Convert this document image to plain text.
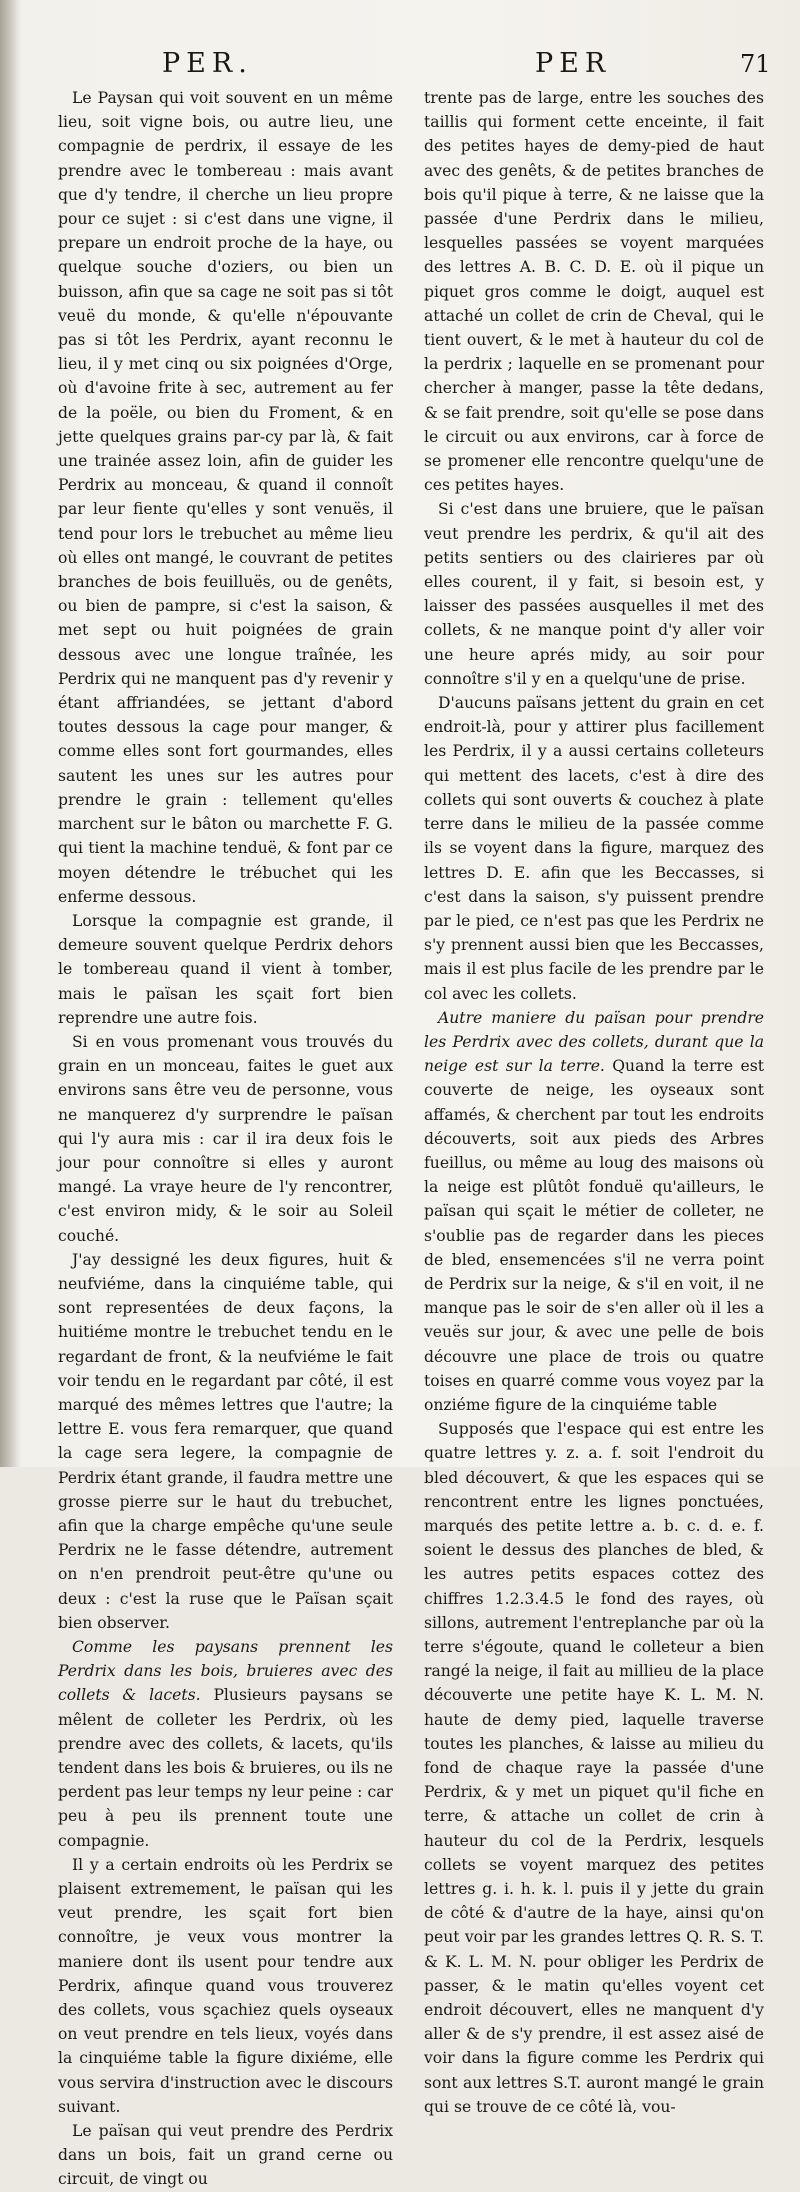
PER.	PER	71

Le Paysan qui voit souvent en un même lieu, soit vigne bois, ou autre lieu, une compagnie de perdrix, il essaye de les prendre avec le tombereau : mais avant que d'y tendre, il cherche un lieu propre pour ce sujet : si c'est dans une vigne, il prepare un endroit proche de la haye, ou quelque souche d'oziers, ou bien un buisson, afin que sa cage ne soit pas si tôt veuë du monde, & qu'elle n'épouvante pas si tôt les Perdrix, ayant reconnu le lieu, il y met cinq ou six poignées d'Orge, où d'avoine frite à sec, autrement au fer de la poële, ou bien du Froment, & en jette quelques grains par-cy par là, & fait une trainée assez loin, afin de guider les Perdrix au monceau, & quand il connoît par leur fiente qu'elles y sont venuës, il tend pour lors le trebuchet au même lieu où elles ont mangé, le couvrant de petites branches de bois feuilluës, ou de genêts, ou bien de pampre, si c'est la saison, & met sept ou huit poignées de grain dessous avec une longue traînée, les Perdrix qui ne manquent pas d'y revenir y étant affriandées, se jettant d'abord toutes dessous la cage pour manger, & comme elles sont fort gourmandes, elles sautent les unes sur les autres pour prendre le grain : tellement qu'elles marchent sur le bâton ou marchette F. G. qui tient la machine tenduë, & font par ce moyen détendre le trébuchet qui les enferme dessous.

Lorsque la compagnie est grande, il demeure souvent quelque Perdrix dehors le tombereau quand il vient à tomber, mais le païsan les sçait fort bien reprendre une autre fois.

Si en vous promenant vous trouvés du grain en un monceau, faites le guet aux environs sans être veu de personne, vous ne manquerez d'y surprendre le païsan qui l'y aura mis : car il ira deux fois le jour pour connoître si elles y auront mangé. La vraye heure de l'y rencontrer, c'est environ midy, & le soir au Soleil couché.

J'ay dessigné les deux figures, huit & neufviéme, dans la cinquiéme table, qui sont representées de deux façons, la huitiéme montre le trebuchet tendu en le regardant de front, & la neufviéme le fait voir tendu en le regardant par côté, il est marqué des mêmes lettres que l'autre; la lettre E. vous fera remarquer, que quand la cage sera legere, la compagnie de Perdrix étant grande, il faudra mettre une grosse pierre sur le haut du trebuchet, afin que la charge empêche qu'une seule Perdrix ne le fasse détendre, autrement on n'en prendroit peut-être qu'une ou deux : c'est la ruse que le Païsan sçait bien observer.

Comme les paysans prennent les Perdrix dans les bois, bruieres avec des collets & lacets. Plusieurs paysans se mêlent de colleter les Perdrix, où les prendre avec des collets, & lacets, qu'ils tendent dans les bois & bruieres, ou ils ne perdent pas leur temps ny leur peine : car peu à peu ils prennent toute une compagnie.

Il y a certain endroits où les Perdrix se plaisent extremement, le païsan qui les veut prendre, les sçait fort bien connoître, je veux vous montrer la maniere dont ils usent pour tendre aux Perdrix, afinque quand vous trouverez des collets, vous sçachiez quels oyseaux on veut prendre en tels lieux, voyés dans la cinquiéme table la figure dixiéme, elle vous servira d'instruction avec le discours suivant.

Le païsan qui veut prendre des Perdrix dans un bois, fait un grand cerne ou circuit, de vingt ou

trente pas de large, entre les souches des taillis qui forment cette enceinte, il fait des petites hayes de demy-pied de haut avec des genêts, & de petites branches de bois qu'il pique à terre, & ne laisse que la passée d'une Perdrix dans le milieu, lesquelles passées se voyent marquées des lettres A. B. C. D. E. où il pique un piquet gros comme le doigt, auquel est attaché un collet de crin de Cheval, qui le tient ouvert, & le met à hauteur du col de la perdrix ; laquelle en se promenant pour chercher à manger, passe la tête dedans, & se fait prendre, soit qu'elle se pose dans le circuit ou aux environs, car à force de se promener elle rencontre quelqu'une de ces petites hayes.

Si c'est dans une bruiere, que le païsan veut prendre les perdrix, & qu'il ait des petits sentiers ou des clairieres par où elles courent, il y fait, si besoin est, y laisser des passées ausquelles il met des collets, & ne manque point d'y aller voir une heure aprés midy, au soir pour connoître s'il y en a quelqu'une de prise.

D'aucuns païsans jettent du grain en cet endroit-là, pour y attirer plus facillement les Perdrix, il y a aussi certains colleteurs qui mettent des lacets, c'est à dire des collets qui sont ouverts & couchez à plate terre dans le milieu de la passée comme ils se voyent dans la figure, marquez des lettres D. E. afin que les Beccasses, si c'est dans la saison, s'y puissent prendre par le pied, ce n'est pas que les Perdrix ne s'y prennent aussi bien que les Beccasses, mais il est plus facile de les prendre par le col avec les collets.

Autre maniere du païsan pour prendre les Perdrix avec des collets, durant que la neige est sur la terre. Quand la terre est couverte de neige, les oyseaux sont affamés, & cherchent par tout les endroits découverts, soit aux pieds des Arbres fueillus, ou même au loug des maisons où la neige est plûtôt fonduë qu'ailleurs, le païsan qui sçait le métier de colleter, ne s'oublie pas de regarder dans les pieces de bled, ensemencées s'il ne verra point de Perdrix sur la neige, & s'il en voit, il ne manque pas le soir de s'en aller où il les a veuës sur jour, & avec une pelle de bois découvre une place de trois ou quatre toises en quarré comme vous voyez par la onziéme figure de la cinquiéme table

Supposés que l'espace qui est entre les quatre lettres y. z. a. f. soit l'endroit du bled découvert, & que les espaces qui se rencontrent entre les lignes ponctuées, marqués des petite lettre a. b. c. d. e. f. soient le dessus des planches de bled, & les autres petits espaces cottez des chiffres 1.2.3.4.5 le fond des rayes, où sillons, autrement l'entreplanche par où la terre s'égoute, quand le colleteur a bien rangé la neige, il fait au millieu de la place découverte une petite haye K. L. M. N. haute de demy pied, laquelle traverse toutes les planches, & laisse au milieu du fond de chaque raye la passée d'une Perdrix, & y met un piquet qu'il fiche en terre, & attache un collet de crin à hauteur du col de la Perdrix, lesquels collets se voyent marquez des petites lettres g. i. h. k. l. puis il y jette du grain de côté & d'autre de la haye, ainsi qu'on peut voir par les grandes lettres Q. R. S. T. & K. L. M. N. pour obliger les Perdrix de passer, & le matin qu'elles voyent cet endroit découvert, elles ne manquent d'y aller & de s'y prendre, il est assez aisé de voir dans la figure comme les Perdrix qui sont aux lettres S.T. auront mangé le grain qui se trouve de ce côté là, vou-
